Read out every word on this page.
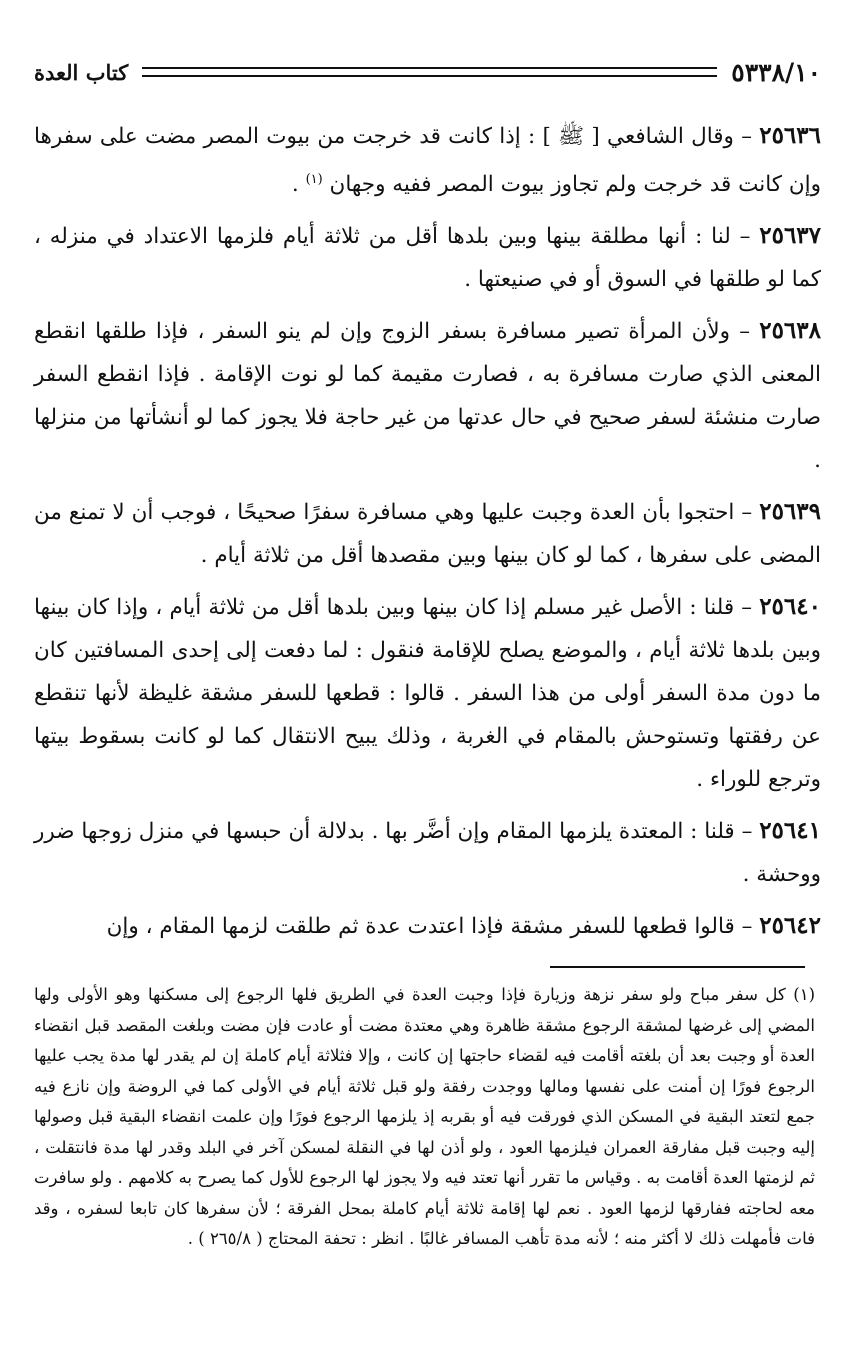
٥٣٣٨/١٠
كتاب العدة

٢٥٦٣٦ – وقال الشافعي [ ﷺ ] : إذا كانت قد خرجت من بيوت المصر مضت على سفرها وإن كانت قد خرجت ولم تجاوز بيوت المصر ففيه وجهان $^{(١)}$ .

٢٥٦٣٧ – لنا : أنها مطلقة بينها وبين بلدها أقل من ثلاثة أيام فلزمها الاعتداد في منزله ، كما لو طلقها في السوق أو في صنيعتها .

٢٥٦٣٨ – ولأن المرأة تصير مسافرة بسفر الزوج وإن لم ينو السفر ، فإذا طلقها انقطع المعنى الذي صارت مسافرة به ، فصارت مقيمة كما لو نوت الإقامة . فإذا انقطع السفر صارت منشئة لسفر صحيح في حال عدتها من غير حاجة فلا يجوز كما لو أنشأتها من منزلها .

٢٥٦٣٩ – احتجوا بأن العدة وجبت عليها وهي مسافرة سفرًا صحيحًا ، فوجب أن لا تمنع من المضى على سفرها ، كما لو كان بينها وبين مقصدها أقل من ثلاثة أيام .

٢٥٦٤٠ – قلنا : الأصل غير مسلم إذا كان بينها وبين بلدها أقل من ثلاثة أيام ، وإذا كان بينها وبين بلدها ثلاثة أيام ، والموضع يصلح للإقامة فنقول : لما دفعت إلى إحدى المسافتين كان ما دون مدة السفر أولى من هذا السفر . قالوا : قطعها للسفر مشقة غليظة لأنها تنقطع عن رفقتها وتستوحش بالمقام في الغربة ، وذلك يبيح الانتقال كما لو كانت بسقوط بيتها وترجع للوراء .

٢٥٦٤١ – قلنا : المعتدة يلزمها المقام وإن أضَّر بها . بدلالة أن حبسها في منزل زوجها ضرر ووحشة .

٢٥٦٤٢ – قالوا قطعها للسفر مشقة فإذا اعتدت عدة ثم طلقت لزمها المقام ، وإن

(١) كل سفر مباح ولو سفر نزهة وزيارة فإذا وجبت العدة في الطريق فلها الرجوع إلى مسكنها وهو الأولى ولها المضي إلى غرضها لمشقة الرجوع مشقة ظاهرة وهي معتدة مضت أو عادت فإن مضت وبلغت المقصد قبل انقضاء العدة أو وجبت بعد أن بلغته أقامت فيه لقضاء حاجتها إن كانت ، وإلا فثلاثة أيام كاملة إن لم يقدر لها مدة يجب عليها الرجوع فورًا إن أمنت على نفسها ومالها ووجدت رفقة ولو قبل ثلاثة أيام في الأولى كما في الروضة وإن نازع فيه جمع لتعتد البقية في المسكن الذي فورقت فيه أو بقربه إذ يلزمها الرجوع فورًا وإن علمت انقضاء البقية قبل وصولها إليه وجبت قبل مفارقة العمران فيلزمها العود ، ولو أذن لها في النقلة لمسكن آخر في البلد وقدر لها مدة فانتقلت ، ثم لزمتها العدة أقامت به . وقياس ما تقرر أنها تعتد فيه ولا يجوز لها الرجوع للأول كما يصرح به كلامهم . ولو سافرت معه لحاجته ففارقها لزمها العود . نعم لها إقامة ثلاثة أيام كاملة بمحل الفرقة ؛ لأن سفرها كان تابعا لسفره ، وقد فات فأمهلت ذلك لا أكثر منه ؛ لأنه مدة تأهب المسافر غالبًا . انظر : تحفة المحتاج ( ٢٦٥/٨ ) .
